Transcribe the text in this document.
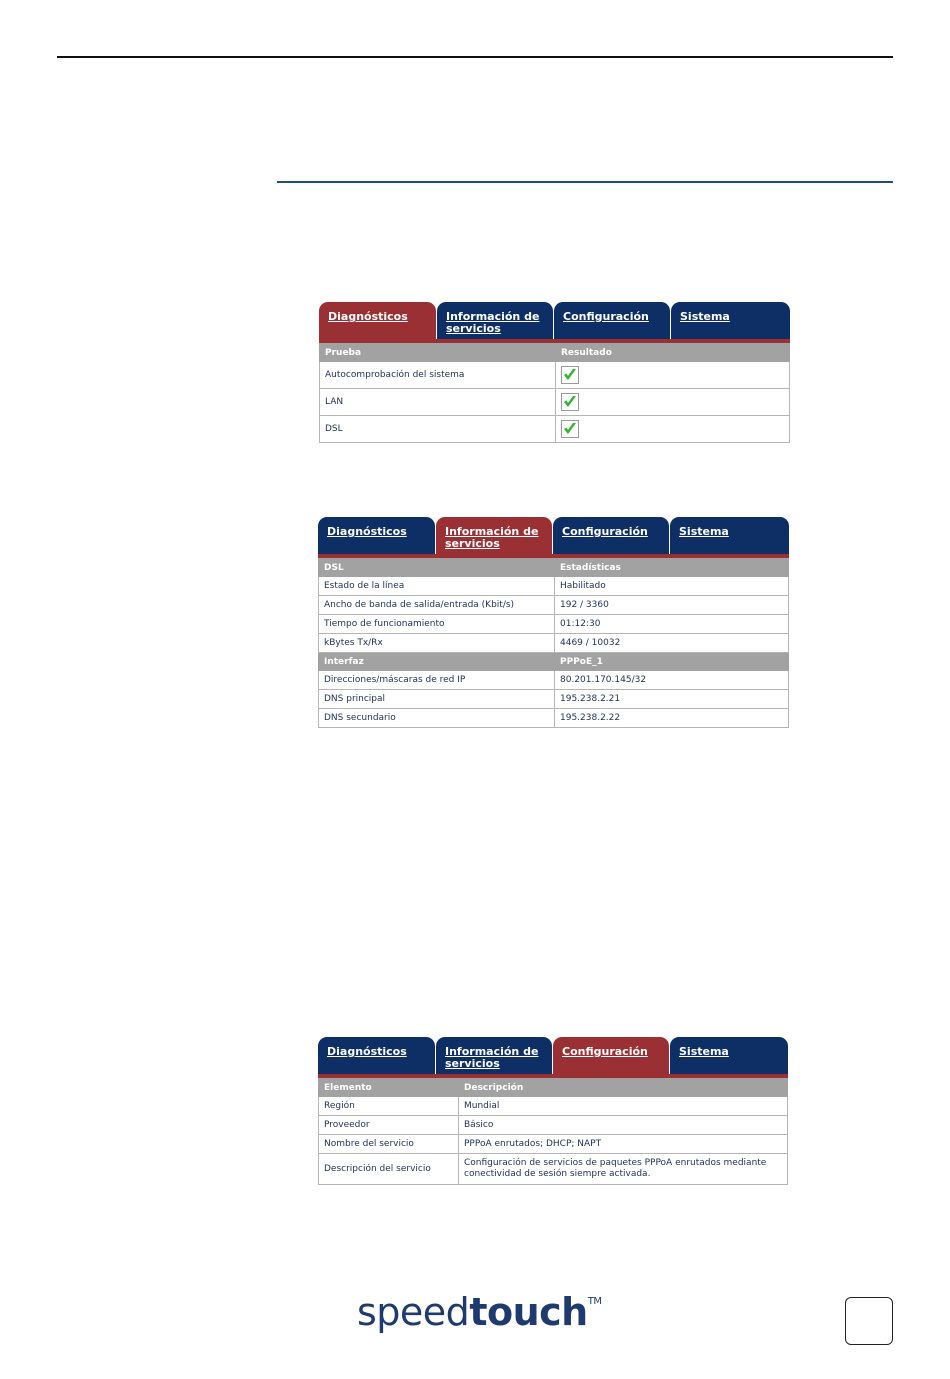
Diagnósticos	Información de
servicios
Configuración	Sistema
Prueba	Resultado
Autocomprobación del sistema	
LAN	
DSL	
Diagnósticos	Información de
servicios
Configuración	Sistema
DSL	Estadísticas
Estado de la línea	Habilitado
Ancho de banda de salida/entrada (Kbit/s)	192 / 3360
Tiempo de funcionamiento	01:12:30
kBytes Tx/Rx	4469 / 10032
Interfaz	PPPoE_1
Direcciones/máscaras de red IP	80.201.170.145/32
DNS principal	195.238.2.21
DNS secundario	195.238.2.22
Diagnósticos	Información de
servicios
Configuración	Sistema
Elemento	Descripción
Región	Mundial
Proveedor	Básico
Nombre del servicio	PPPoA enrutados; DHCP; NAPT
Descripción del servicio	Configuración de servicios de paquetes PPPoA enrutados mediante conectividad de sesión siempre activada.
speedtouch™
